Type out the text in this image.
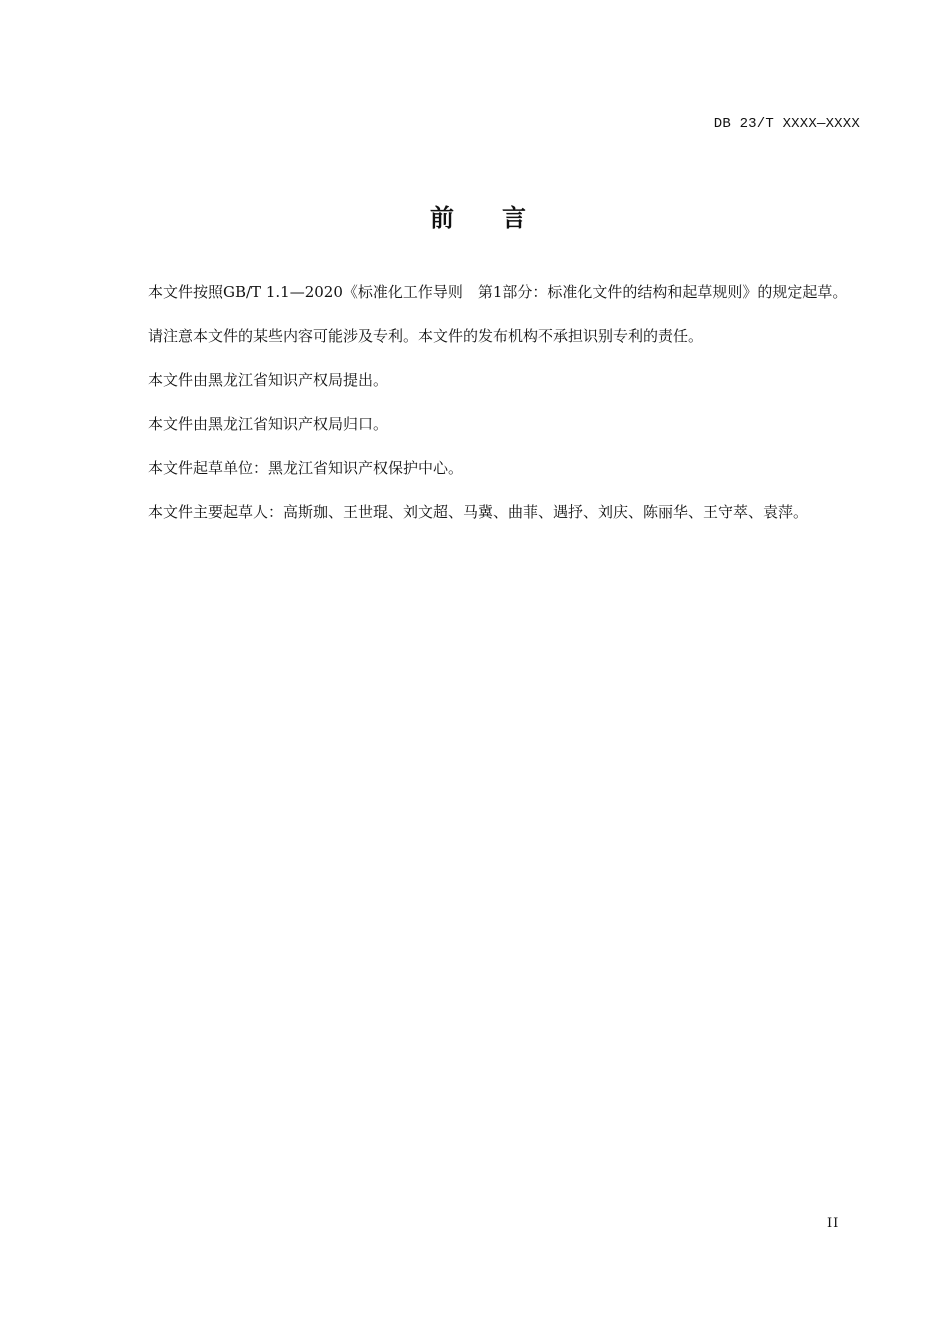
DB 23/T XXXX—XXXX
前言

本文件按照GB/T 1.1—2020《标准化工作导则　第1部分：标准化文件的结构和起草规则》的规定起草。

请注意本文件的某些内容可能涉及专利。本文件的发布机构不承担识别专利的责任。

本文件由黑龙江省知识产权局提出。

本文件由黑龙江省知识产权局归口。

本文件起草单位：黑龙江省知识产权保护中心。

本文件主要起草人：高斯珈、王世琨、刘文超、马冀、曲菲、遇抒、刘庆、陈丽华、王守萃、袁萍。

II
